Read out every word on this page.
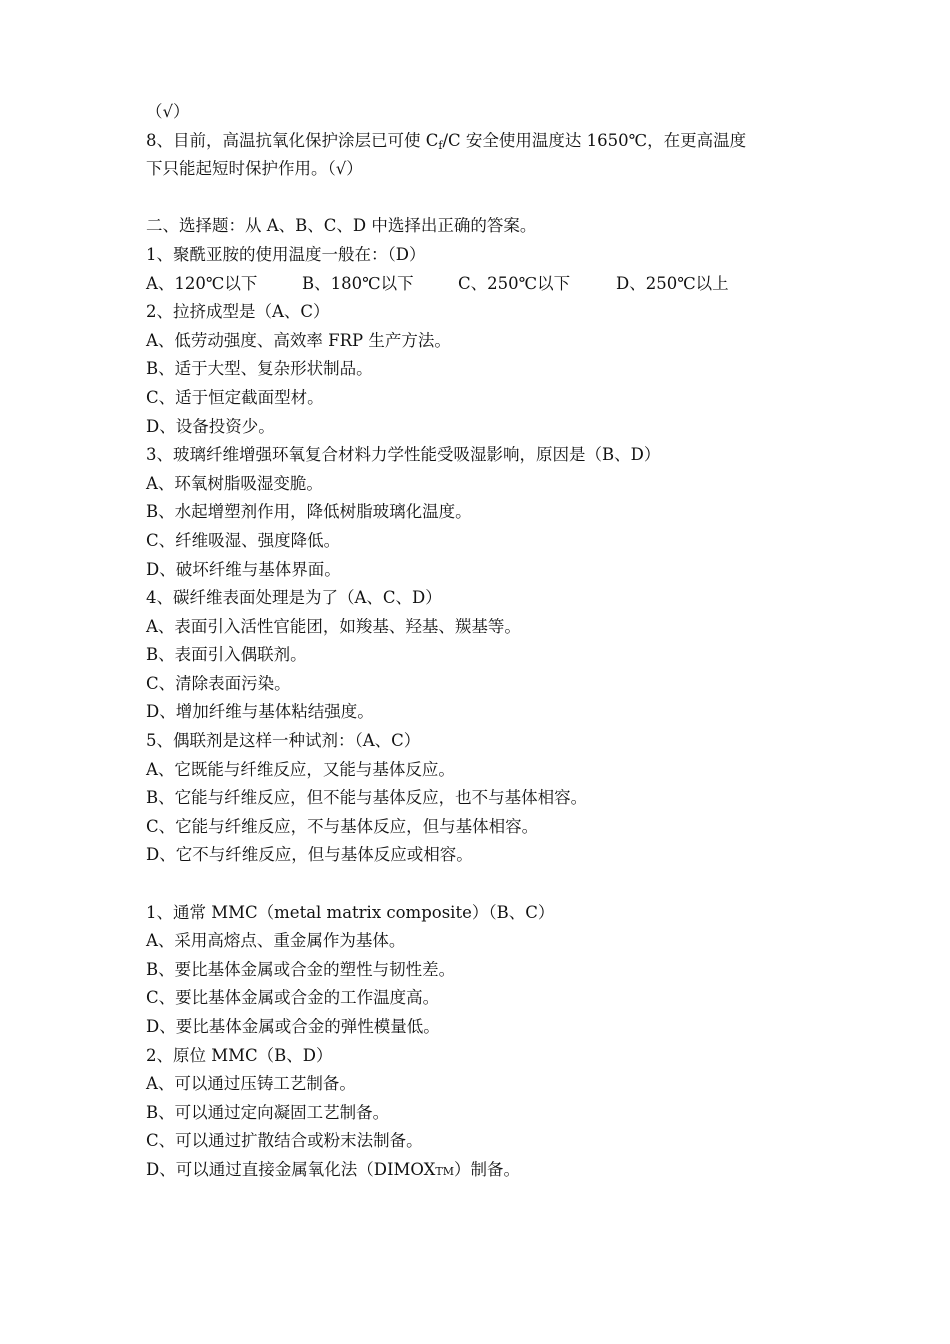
（√）
8、目前，高温抗氧化保护涂层已可使 $C_f/C$ 安全使用温度达 1650℃，在更高温度
下只能起短时保护作用。（√）
二、选择题：从 A、B、C、D 中选择出正确的答案。
1、聚酰亚胺的使用温度一般在：（D）
A、120℃以下	B、180℃以下	C、250℃以下	D、250℃以上
2、拉挤成型是（A、C）
A、低劳动强度、高效率 FRP 生产方法。
B、适于大型、复杂形状制品。
C、适于恒定截面型材。
D、设备投资少。
3、玻璃纤维增强环氧复合材料力学性能受吸湿影响，原因是（B、D）
A、环氧树脂吸湿变脆。
B、水起增塑剂作用，降低树脂玻璃化温度。
C、纤维吸湿、强度降低。
D、破坏纤维与基体界面。
4、碳纤维表面处理是为了（A、C、D）
A、表面引入活性官能团，如羧基、羟基、羰基等。
B、表面引入偶联剂。
C、清除表面污染。
D、增加纤维与基体粘结强度。
5、偶联剂是这样一种试剂：（A、C）
A、它既能与纤维反应，又能与基体反应。
B、它能与纤维反应，但不能与基体反应，也不与基体相容。
C、它能与纤维反应，不与基体反应，但与基体相容。
D、它不与纤维反应，但与基体反应或相容。
1、通常 MMC（metal matrix composite）（B、C）
A、采用高熔点、重金属作为基体。
B、要比基体金属或合金的塑性与韧性差。
C、要比基体金属或合金的工作温度高。
D、要比基体金属或合金的弹性模量低。
2、原位 MMC（B、D）
A、可以通过压铸工艺制备。
B、可以通过定向凝固工艺制备。
C、可以通过扩散结合或粉末法制备。
D、可以通过直接金属氧化法（DIMOXTM）制备。
